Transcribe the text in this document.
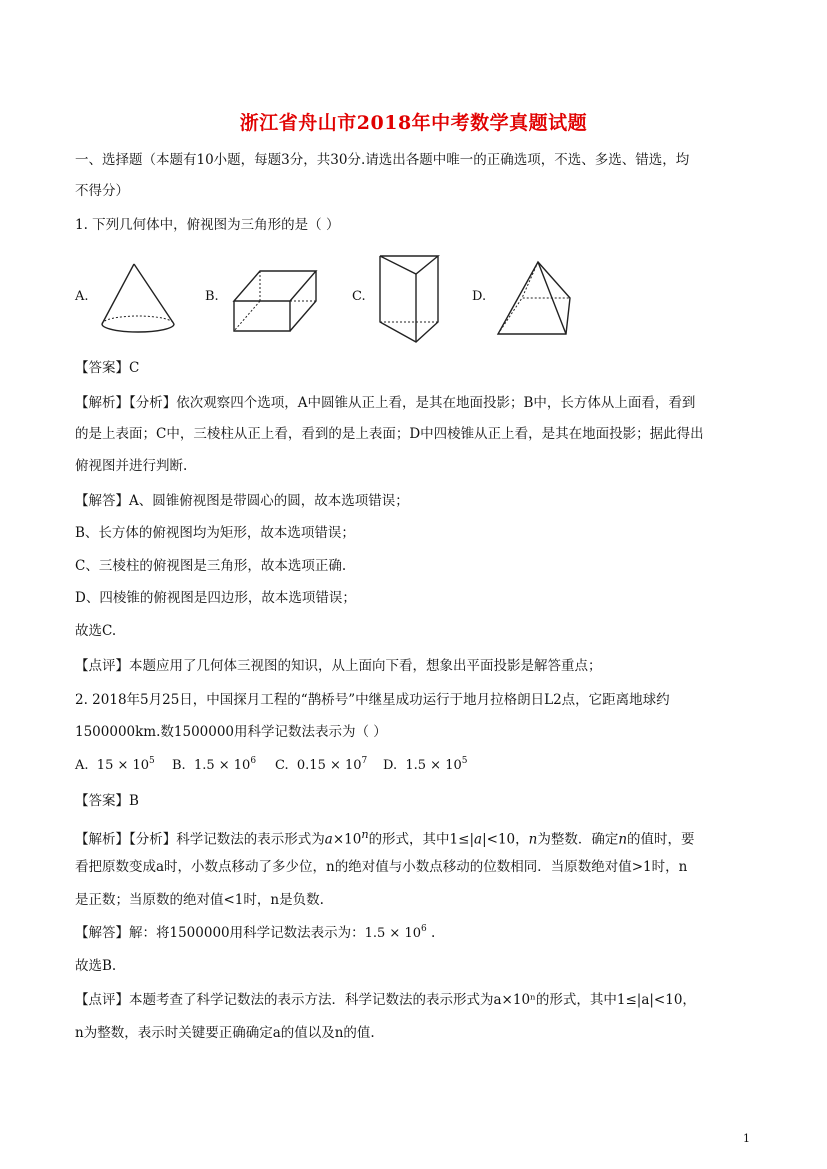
浙江省舟山市2018年中考数学真题试题
一、选择题（本题有10小题，每题3分，共30分.请选出各题中唯一的正确选项，不选、多选、错选，均
不得分）
1. 下列几何体中，俯视图为三角形的是（ ）
A.	B.	C.	D.
【答案】C
【解析】【分析】依次观察四个选项，A中圆锥从正上看，是其在地面投影；B中，长方体从上面看，看到
的是上表面；C中，三棱柱从正上看，看到的是上表面；D中四棱锥从正上看，是其在地面投影；据此得出
俯视图并进行判断.
【解答】A、圆锥俯视图是带圆心的圆，故本选项错误；
B、长方体的俯视图均为矩形，故本选项错误；
C、三棱柱的俯视图是三角形，故本选项正确.
D、四棱锥的俯视图是四边形，故本选项错误；
故选C.
【点评】本题应用了几何体三视图的知识，从上面向下看，想象出平面投影是解答重点；
2. 2018年5月25日，中国探月工程的“鹊桥号”中继星成功运行于地月拉格朗日L2点，它距离地球约
1500000km.数1500000用科学记数法表示为（ ）
A. $15 \times 10^5$ B. $1.5 \times 10^6$ C. $0.15 \times 10^7$ D. $1.5 \times 10^5$
【答案】B
【解析】【分析】科学记数法的表示形式为$a\times 10^n$的形式，其中1≤|a|<10，n为整数．确定n的值时，要
看把原数变成a时，小数点移动了多少位，n的绝对值与小数点移动的位数相同．当原数绝对值>1时，n
是正数；当原数的绝对值<1时，n是负数.
【解答】解：将1500000用科学记数法表示为：$1.5 \times 10^6$ .
故选B.
【点评】本题考查了科学记数法的表示方法．科学记数法的表示形式为a×10ⁿ的形式，其中1≤|a|<10，
n为整数，表示时关键要正确确定a的值以及n的值.
1
